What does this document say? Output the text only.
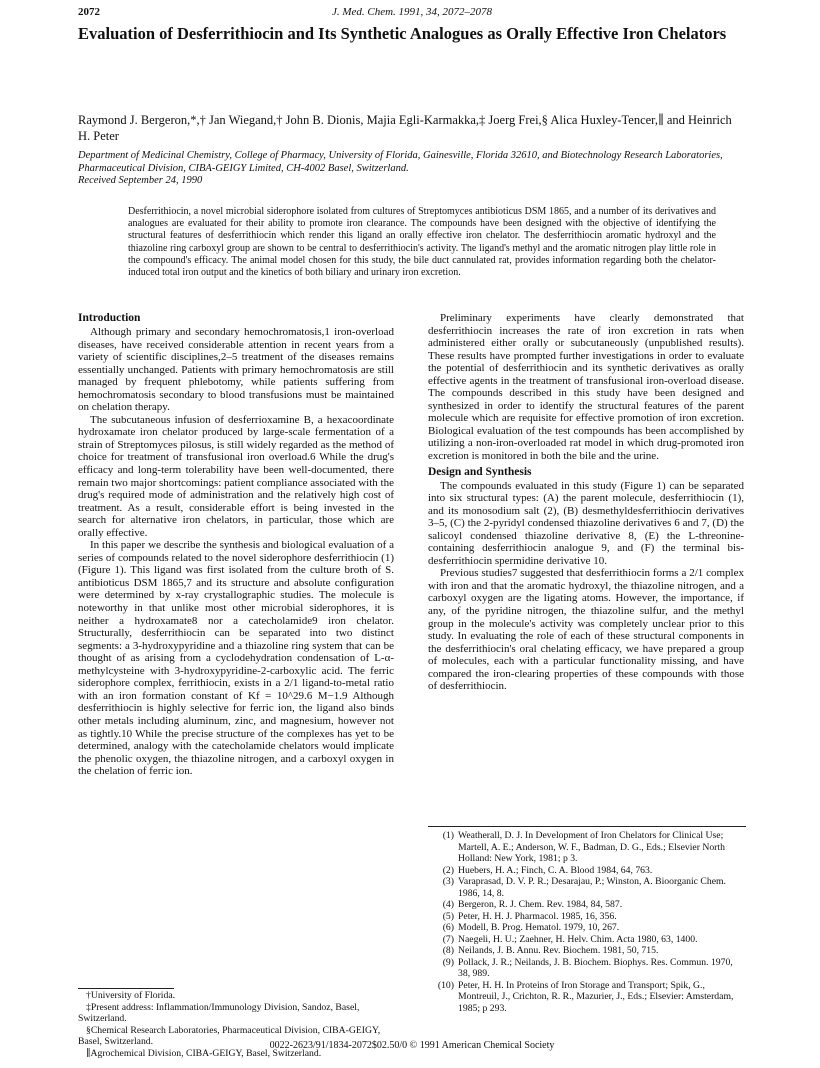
2072	J. Med. Chem. 1991, 34, 2072–2078
Evaluation of Desferrithiocin and Its Synthetic Analogues as Orally Effective Iron Chelators
Raymond J. Bergeron,*,† Jan Wiegand,† John B. Dionis, Majia Egli-Karmakka,‡ Joerg Frei,§ Alica Huxley-Tencer,∥ and Heinrich H. Peter
Department of Medicinal Chemistry, College of Pharmacy, University of Florida, Gainesville, Florida 32610, and Biotechnology Research Laboratories, Pharmaceutical Division, CIBA-GEIGY Limited, CH-4002 Basel, Switzerland.
Received September 24, 1990
Desferrithiocin, a novel microbial siderophore isolated from cultures of Streptomyces antibioticus DSM 1865, and a number of its derivatives and analogues are evaluated for their ability to promote iron clearance. The compounds have been designed with the objective of identifying the structural features of desferrithiocin which render this ligand an orally effective iron chelator. The desferrithiocin aromatic hydroxyl and the thiazoline ring carboxyl group are shown to be central to desferrithiocin's activity. The ligand's methyl and the aromatic nitrogen play little role in the compound's efficacy. The animal model chosen for this study, the bile duct cannulated rat, provides information regarding both the chelator-induced total iron output and the kinetics of both biliary and urinary iron excretion.
Introduction

Although primary and secondary hemochromatosis,1 iron-overload diseases, have received considerable attention in recent years from a variety of scientific disciplines,2–5 treatment of the diseases remains essentially unchanged. Patients with primary hemochromatosis are still managed by frequent phlebotomy, while patients suffering from hemochromatosis secondary to blood transfusions must be maintained on chelation therapy.

The subcutaneous infusion of desferrioxamine B, a hexacoordinate hydroxamate iron chelator produced by large-scale fermentation of a strain of Streptomyces pilosus, is still widely regarded as the method of choice for treatment of transfusional iron overload.6 While the drug's efficacy and long-term tolerability have been well-documented, there remain two major shortcomings: patient compliance associated with the drug's required mode of administration and the relatively high cost of treatment. As a result, considerable effort is being invested in the search for alternative iron chelators, in particular, those which are orally effective.

In this paper we describe the synthesis and biological evaluation of a series of compounds related to the novel siderophore desferrithiocin (1) (Figure 1). This ligand was first isolated from the culture broth of S. antibioticus DSM 1865,7 and its structure and absolute configuration were determined by x-ray crystallographic studies. The molecule is noteworthy in that unlike most other microbial siderophores, it is neither a hydroxamate8 nor a catecholamide9 iron chelator. Structurally, desferrithiocin can be separated into two distinct segments: a 3-hydroxypyridine and a thiazoline ring system that can be thought of as arising from a cyclodehydration condensation of L-α-methylcysteine with 3-hydroxypyridine-2-carboxylic acid. The ferric siderophore complex, ferrithiocin, exists in a 2/1 ligand-to-metal ratio with an iron formation constant of Kf = 10^29.6 M−1.9 Although desferrithiocin is highly selective for ferric ion, the ligand also binds other metals including aluminum, zinc, and magnesium, however not as tightly.10 While the precise structure of the complexes has yet to be determined, analogy with the catecholamide chelators would implicate the phenolic oxygen, the thiazoline nitrogen, and a carboxyl oxygen in the chelation of ferric ion.

Preliminary experiments have clearly demonstrated that desferrithiocin increases the rate of iron excretion in rats when administered either orally or subcutaneously (unpublished results). These results have prompted further investigations in order to evaluate the potential of desferrithiocin and its synthetic derivatives as orally effective agents in the treatment of transfusional iron-overload disease. The compounds described in this study have been designed and synthesized in order to identify the structural features of the parent molecule which are requisite for effective promotion of iron excretion. Biological evaluation of the test compounds has been accomplished by utilizing a non-iron-overloaded rat model in which drug-promoted iron excretion is monitored in both the bile and the urine.

Design and Synthesis

The compounds evaluated in this study (Figure 1) can be separated into six structural types: (A) the parent molecule, desferrithiocin (1), and its monosodium salt (2), (B) desmethyldesferrithiocin derivatives 3–5, (C) the 2-pyridyl condensed thiazoline derivatives 6 and 7, (D) the salicoyl condensed thiazoline derivative 8, (E) the L-threonine-containing desferrithiocin analogue 9, and (F) the terminal bis-desferrithiocin spermidine derivative 10.

Previous studies7 suggested that desferrithiocin forms a 2/1 complex with iron and that the aromatic hydroxyl, the thiazoline nitrogen, and a carboxyl oxygen are the ligating atoms. However, the importance, if any, of the pyridine nitrogen, the thiazoline sulfur, and the methyl group in the molecule's activity was completely unclear prior to this study. In evaluating the role of each of these structural components in the desferrithiocin's oral chelating efficacy, we have prepared a group of molecules, each with a particular functionality missing, and have compared the iron-clearing properties of these compounds with those of desferrithiocin.

(1) Weatherall, D. J. In Development of Iron Chelators for Clinical Use; Martell, A. E.; Anderson, W. F., Badman, D. G., Eds.; Elsevier North Holland: New York, 1981; p 3.
(2) Huebers, H. A.; Finch, C. A. Blood 1984, 64, 763.
(3) Varaprasad, D. V. P. R.; Desarajau, P.; Winston, A. Bioorganic Chem. 1986, 14, 8.
(4) Bergeron, R. J. Chem. Rev. 1984, 84, 587.
(5) Peter, H. H. J. Pharmacol. 1985, 16, 356.
(6) Modell, B. Prog. Hematol. 1979, 10, 267.
(7) Naegeli, H. U.; Zaehner, H. Helv. Chim. Acta 1980, 63, 1400.
(8) Neilands, J. B. Annu. Rev. Biochem. 1981, 50, 715.
(9) Pollack, J. R.; Neilands, J. B. Biochem. Biophys. Res. Commun. 1970, 38, 989.
(10) Peter, H. H. In Proteins of Iron Storage and Transport; Spik, G., Montreuil, J., Crichton, R. R., Mazurier, J., Eds.; Elsevier: Amsterdam, 1985; p 293.
†University of Florida.
‡Present address: Inflammation/Immunology Division, Sandoz, Basel, Switzerland.
§Chemical Research Laboratories, Pharmaceutical Division, CIBA-GEIGY, Basel, Switzerland.
∥Agrochemical Division, CIBA-GEIGY, Basel, Switzerland.
0022-2623/91/1834-2072$02.50/0 © 1991 American Chemical Society
